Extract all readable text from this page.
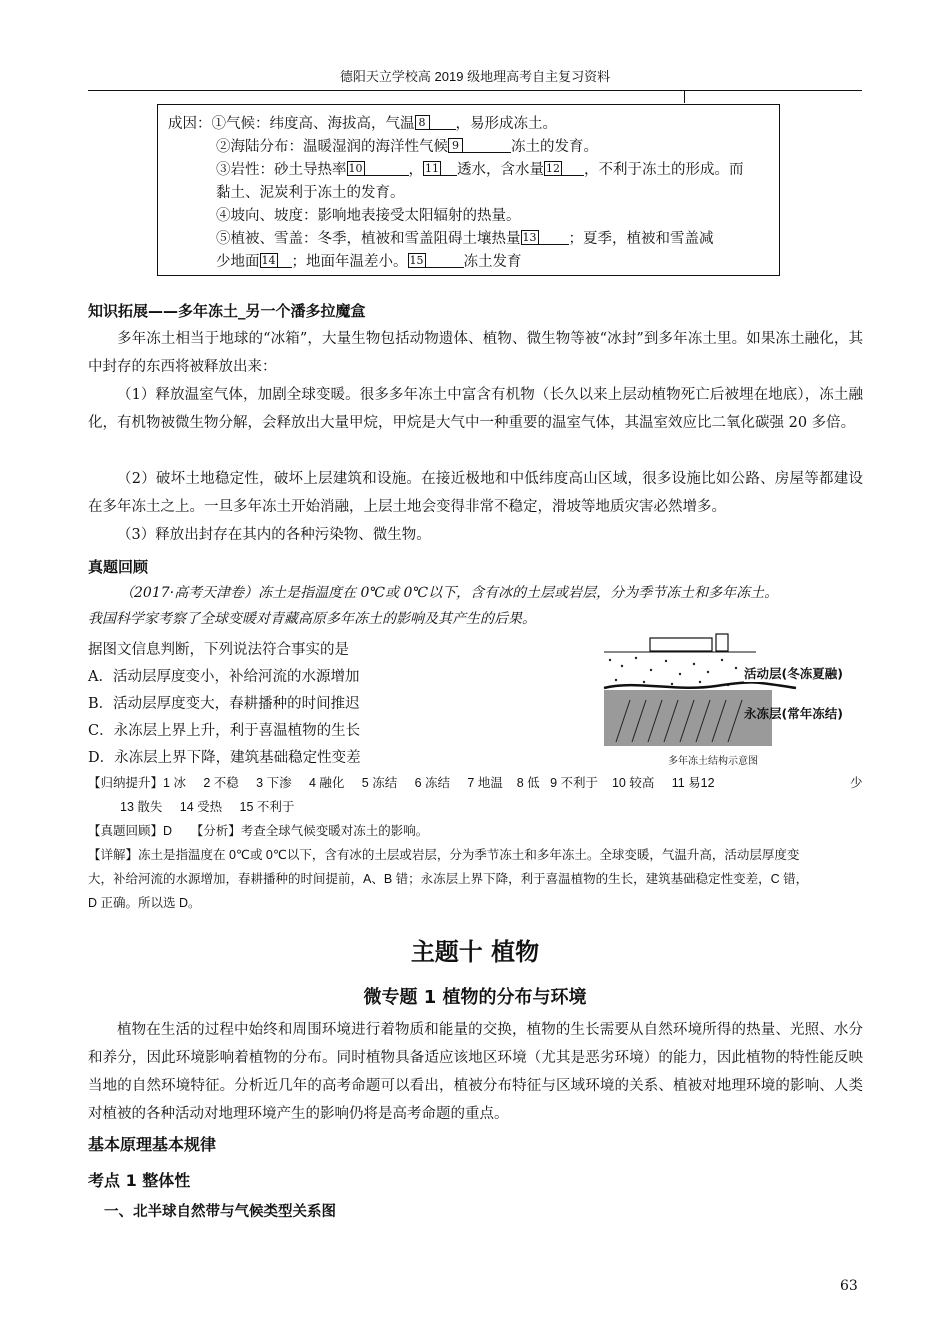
德阳天立学校高 2019 级地理高考自主复习资料
成因：①气候：纬度高、海拔高，气温 8 ，易形成冻土。
②海陆分布：温暖湿润的海洋性气候 9	冻土的发育。
③岩性：砂土导热率 10	， 11 透水，含水量 12 ，不利于冻土的形成。而
黏土、泥炭利于冻土的发育。
④坡向、坡度：影响地表接受太阳辐射的热量。
⑤植被、雪盖：冬季，植被和雪盖阻碍土壤热量 13 ；夏季，植被和雪盖减
少地面 14 ；地面年温差小。 15	冻土发育
知识拓展——多年冻土_另一个潘多拉魔盒
多年冻土相当于地球的“冰箱”，大量生物包括动物遗体、植物、微生物等被“冰封”到多年冻土里。如果冻土融化，其中封存的东西将被释放出来：
（1）释放温室气体，加剧全球变暖。很多多年冻土中富含有机物（长久以来上层动植物死亡后被埋在地底），冻土融化，有机物被微生物分解，会释放出大量甲烷，甲烷是大气中一种重要的温室气体，其温室效应比二氧化碳强 20 多倍。
（2）破坏土地稳定性，破坏上层建筑和设施。在接近极地和中低纬度高山区域，很多设施比如公路、房屋等都建设在多年冻土之上。一旦多年冻土开始消融，上层土地会变得非常不稳定，滑坡等地质灾害必然增多。
（3）释放出封存在其内的各种污染物、微生物。
真题回顾
（2017·高考天津卷）冻土是指温度在 0℃或 0℃以下，含有冰的土层或岩层，分为季节冻土和多年冻土。
我国科学家考察了全球变暖对青藏高原多年冻土的影响及其产生的后果。
据图文信息判断，下列说法符合事实的是
A．活动层厚度变小，补给河流的水源增加
B．活动层厚度变大，春耕播种的时间推迟
C．永冻层上界上升，利于喜温植物的生长
D．永冻层上界下降，建筑基础稳定性变差
活动层(冬冻夏融)
永冻层(常年冻结)
多年冻土结构示意图
【归纳提升】1 冰 2 不稳 3 下渗 4 融化 5 冻结 6 冻结 7 地温 8 低 9 不利于 10 较高 11 易12	少
13 散失 14 受热 15 不利于
【真题回顾】D　　【分析】考查全球气候变暖对冻土的影响。
【详解】冻土是指温度在 0℃或 0℃以下，含有冰的土层或岩层，分为季节冻土和多年冻土。全球变暖，气温升高，活动层厚度变
大，补给河流的水源增加，春耕播种的时间提前，A、B 错；永冻层上界下降，利于喜温植物的生长，建筑基础稳定性变差，C 错，
D 正确。所以选 D。
主题十 植物
微专题 1 植物的分布与环境
植物在生活的过程中始终和周围环境进行着物质和能量的交换，植物的生长需要从自然环境所得的热量、光照、水分和养分，因此环境影响着植物的分布。同时植物具备适应该地区环境（尤其是恶劣环境）的能力，因此植物的特性能反映当地的自然环境特征。分析近几年的高考命题可以看出，植被分布特征与区域环境的关系、植被对地理环境的影响、人类对植被的各种活动对地理环境产生的影响仍将是高考命题的重点。
基本原理基本规律
考点 1 整体性
一、北半球自然带与气候类型关系图
63
